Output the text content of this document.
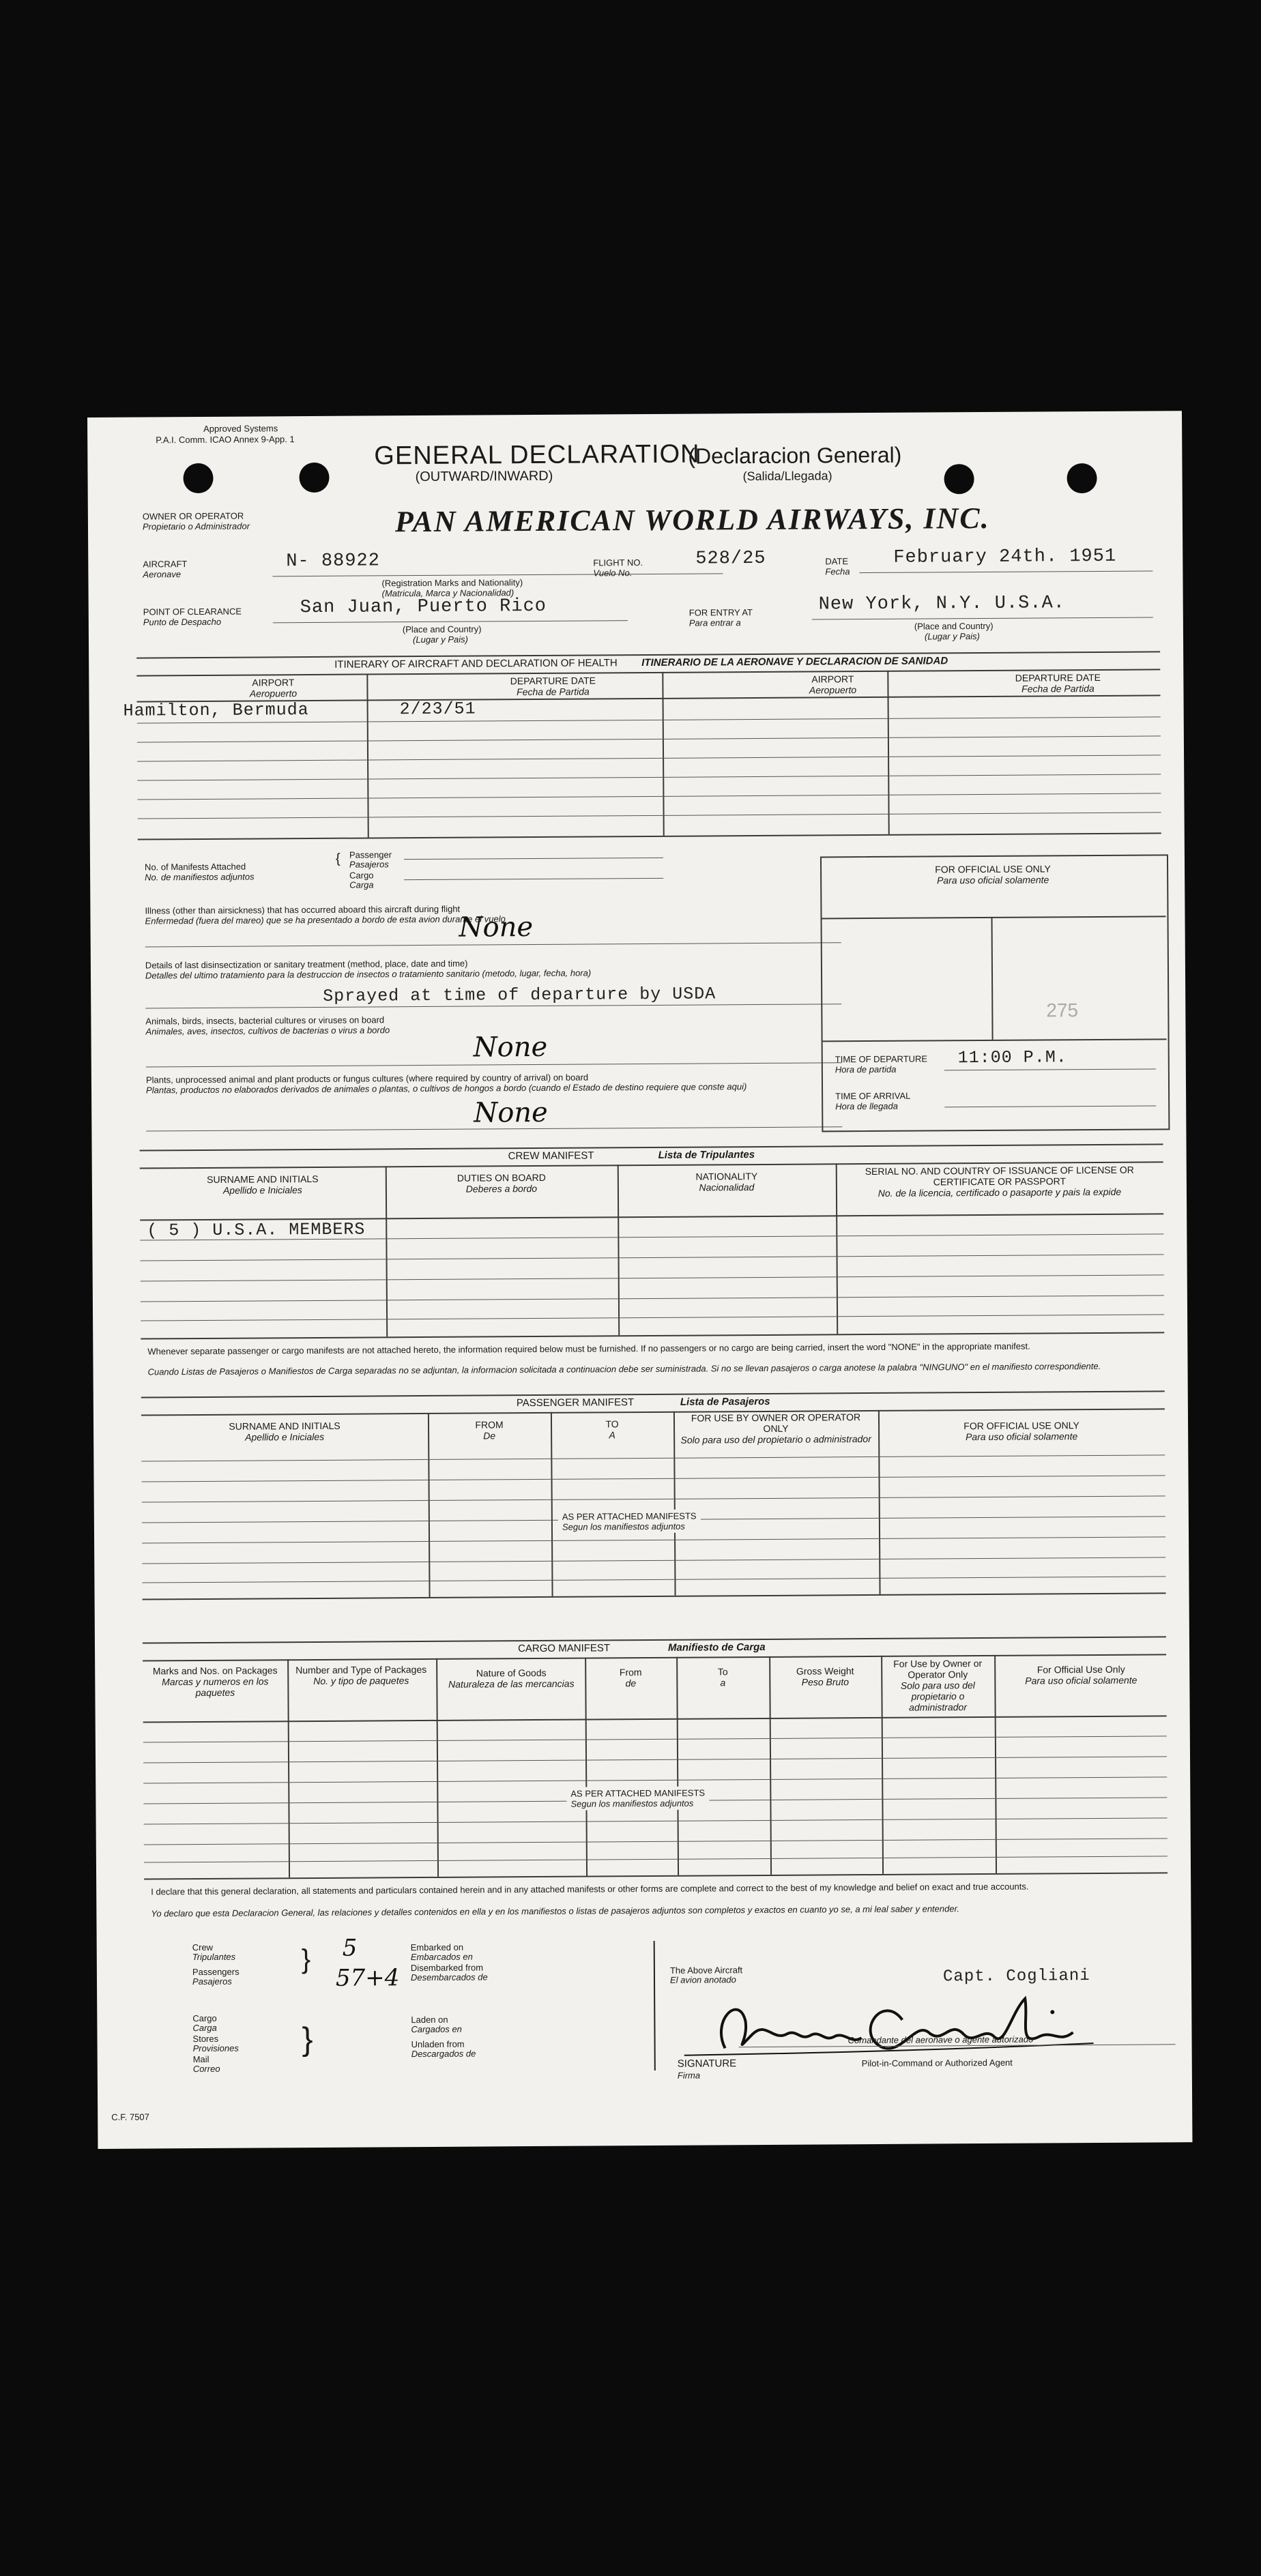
Approved Systems
P.A.I. Comm. ICAO Annex 9-App. 1
GENERAL DECLARATION
(OUTWARD/INWARD)
(Declaracion General)
(Salida/Llegada)
OWNER OR OPERATOR
Propietario o Administrador	PAN AMERICAN WORLD AIRWAYS, INC.
AIRCRAFT
Aeronave
N- 88922
(Registration Marks and Nationality)
(Matricula, Marca y Nacionalidad)
FLIGHT NO.
Vuelo No.
528/25	DATE
Fecha
February 24th. 1951
POINT OF CLEARANCE
Punto de Despacho
San Juan, Puerto Rico
(Place and Country)
(Lugar y Pais)
FOR ENTRY AT
Para entrar a
New York, N.Y. U.S.A.
(Place and Country)
(Lugar y Pais)
ITINERARY OF AIRCRAFT AND DECLARATION OF HEALTH ITINERARIO DE LA AERONAVE Y DECLARACION DE SANIDAD
AIRPORT
Aeropuerto
DEPARTURE DATE
Fecha de Partida
AIRPORT
Aeropuerto
DEPARTURE DATE
Fecha de Partida
Hamilton, Bermuda	2/23/51
No. of Manifests Attached
No. de manifiestos adjuntos
{ Passenger
Pasajeros
Cargo
Carga
Illness (other than airsickness) that has occurred aboard this aircraft during flight
Enfermedad (fuera del mareo) que se ha presentado a bordo de esta avion durante el vuelo
None
Details of last disinsectization or sanitary treatment (method, place, date and time)
Detalles del ultimo tratamiento para la destruccion de insectos o tratamiento sanitario (metodo, lugar, fecha, hora)
Sprayed at time of departure by USDA
Animals, birds, insects, bacterial cultures or viruses on board
Animales, aves, insectos, cultivos de bacterias o virus a bordo
None
Plants, unprocessed animal and plant products or fungus cultures (where required by country of arrival) on board
Plantas, productos no elaborados derivados de animales o plantas, o cultivos de hongos a bordo (cuando el Estado de destino requiere que conste aqui)
None
FOR OFFICIAL USE ONLY
Para uso oficial solamente
275
TIME OF DEPARTURE
Hora de partida
11:00 P.M.
TIME OF ARRIVAL
Hora de llegada
CREW MANIFEST	Lista de Tripulantes
SURNAME AND INITIALS
Apellido e Iniciales
DUTIES ON BOARD
Deberes a bordo
NATIONALITY
Nacionalidad
SERIAL NO. AND COUNTRY OF ISSUANCE OF LICENSE OR CERTIFICATE OR PASSPORT
No. de la licencia, certificado o pasaporte y pais la expide
( 5 ) U.S.A. MEMBERS
Whenever separate passenger or cargo manifests are not attached hereto, the information required below must be furnished. If no passengers or no cargo are being carried, insert the word "NONE" in the appropriate manifest.
Cuando Listas de Pasajeros o Manifiestos de Carga separadas no se adjuntan, la informacion solicitada a continuacion debe ser suministrada. Si no se llevan pasajeros o carga anotese la palabra "NINGUNO" en el manifiesto correspondiente.
PASSENGER MANIFEST	Lista de Pasajeros
SURNAME AND INITIALS
Apellido e Iniciales
FROM
De
TO
A
FOR USE BY OWNER OR OPERATOR ONLY
Solo para uso del propietario o administrador
FOR OFFICIAL USE ONLY
Para uso oficial solamente
AS PER ATTACHED MANIFESTS
Segun los manifiestos adjuntos
CARGO MANIFEST	Manifiesto de Carga
Marks and Nos. on Packages
Marcas y numeros en los paquetes
Number and Type of Packages
No. y tipo de paquetes
Nature of Goods
Naturaleza de las mercancias
From
de
To
a
Gross Weight
Peso Bruto
For Use by Owner or Operator Only
Solo para uso del propietario o administrador
For Official Use Only
Para uso oficial solamente
AS PER ATTACHED MANIFESTS
Segun los manifiestos adjuntos
I declare that this general declaration, all statements and particulars contained herein and in any attached manifests or other forms are complete and correct to the best of my knowledge and belief on exact and true accounts.
Yo declaro que esta Declaracion General, las relaciones y detalles contenidos en ella y en los manifiestos o listas de pasajeros adjuntos son completos y exactos en cuanto yo se, a mi leal saber y entender.
Crew
Tripulantes
Passengers
Pasajeros
} 5
57+4
Embarked on
Embarcados en
Disembarked from
Desembarcados de
Cargo
Carga
Stores
Provisiones
Mail
Correo
}
Laden on
Cargados en
Unladen from
Descargados de
The Above Aircraft
El avion anotado	Capt. Cogliani
Comandante del aeronave o agente autorizado
SIGNATURE
Firma
Pilot-in-Command or Authorized Agent
C.F. 7507
